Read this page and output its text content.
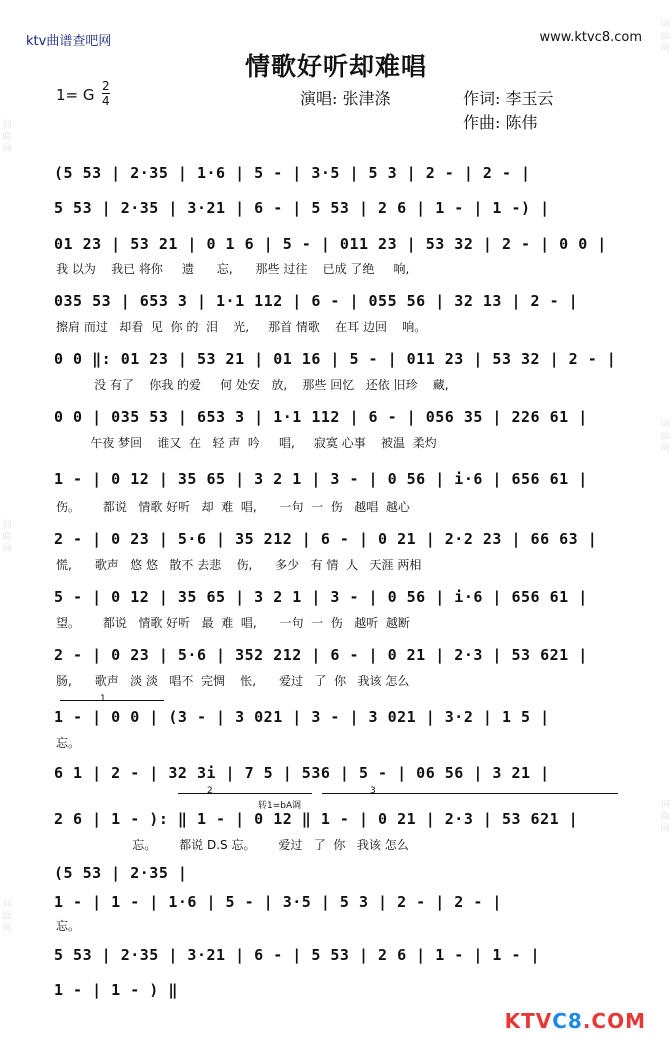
词
曲
网
词
曲
网
词
曲
网
词
曲
网
词
曲
网
词
曲
网
ktv曲谱查吧网	www.ktvc8.com
情歌好听却难唱
1= G 2
4	演唱: 张津涤	作词: 李玉云
作曲: 陈伟
(5 53 | 2·35 | 1·6 | 5 - | 3·5 | 5 3 | 2 - | 2 - |
5 53 | 2·35 | 3·21 | 6 - | 5 53 | 2 6 | 1 - | 1 -) |
01 23 | 53 21 | 0 1 6 | 5 - | 011 23 | 53 32 | 2 - | 0 0 |
我 以为    我已 将你     遗      忘,      那些 过往    已成 了绝     响,
035 53 | 653 3 | 1·1 112 | 6 - | 055 56 | 32 13 | 2 - |
擦肩 而过   却看  见  你 的  泪    光,     那首 情歌    在耳 边回    响。
0 0 ‖: 01 23 | 53 21 | 01 16 | 5 - | 011 23 | 53 32 | 2 - |
没 有了    你我 的爱     何 处安   放,    那些 回忆   还依 旧珍    藏,
0 0 | 035 53 | 653 3 | 1·1 112 | 6 - | 056 35 | 226 61 |
午夜 梦回    谁又  在   轻 声  吟     唱,     寂寞 心事    被温  柔灼
1 - | 0 12 | 35 65 | 3 2 1 | 3 - | 0 56 | i·6 | 656 61 |
伤。      都说   情歌 好听   却  难  唱,      一句  一  伤   越唱  越心
2 - | 0 23 | 5·6 | 35 212 | 6 - | 0 21 | 2·2 23 | 66 63 |
慌,      歌声   悠 悠   散不 去悲    伤,      多少   有 情  人   天涯 两相
5 - | 0 12 | 35 65 | 3 2 1 | 3 - | 0 56 | i·6 | 656 61 |
望。      都说   情歌 好听   最  难  唱,      一句  一  伤   越听  越断
2 - | 0 23 | 5·6 | 352 212 | 6 - | 0 21 | 2·3 | 53 621 |
肠,      歌声   淡 淡   唱不  完惆    怅,      爱过   了  你   我该 怎么
1
1 - | 0 0 | (3 - | 3 021 | 3 - | 3 021 | 3·2 | 1 5 |
忘。
6 1 | 2 - | 32 3i | 7 5 | 536 | 5 - | 06 56 | 3 21 |
2	3
转1=bA调
2 6 | 1 - ): ‖ 1 - | 0 12 ‖ 1 - | 0 21 | 2·3 | 53 621 |
忘。      都说 D.S 忘。      爱过   了  你   我该 怎么
(5 53 | 2·35 |
1 - | 1 - | 1·6 | 5 - | 3·5 | 5 3 | 2 - | 2 - |
忘。
5 53 | 2·35 | 3·21 | 6 - | 5 53 | 2 6 | 1 - | 1 - |
1 - | 1 - ) ‖
KTVC8.COM
